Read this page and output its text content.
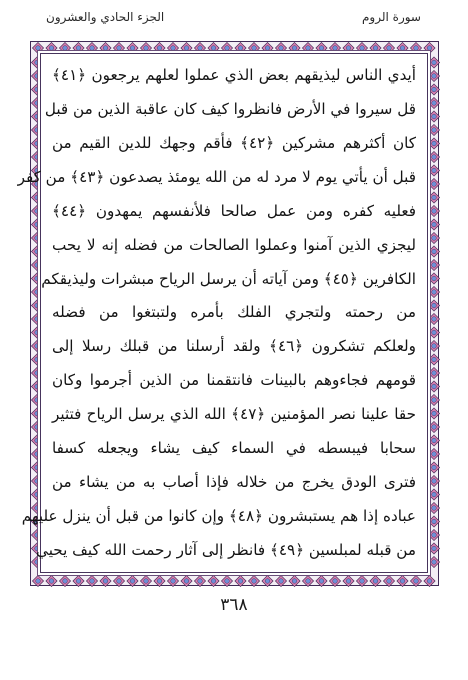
الجزء الحادي والعشرون	سورة الروم
أيدي الناس ليذيقهم بعض الذي عملوا لعلهم يرجعون ﴿٤١﴾
قل سيروا في الأرض فانظروا كيف كان عاقبة الذين من قبل
كان أكثرهم مشركين ﴿٤٢﴾ فأقم وجهك للدين القيم من
قبل أن يأتي يوم لا مرد له من الله يومئذ يصدعون ﴿٤٣﴾ من كفر
فعليه كفره ومن عمل صالحا فلأنفسهم يمهدون ﴿٤٤﴾
ليجزي الذين آمنوا وعملوا الصالحات من فضله إنه لا يحب
الكافرين ﴿٤٥﴾ ومن آياته أن يرسل الرياح مبشرات وليذيقكم
من رحمته ولتجري الفلك بأمره ولتبتغوا من فضله
ولعلكم تشكرون ﴿٤٦﴾ ولقد أرسلنا من قبلك رسلا إلى
قومهم فجاءوهم بالبينات فانتقمنا من الذين أجرموا وكان
حقا علينا نصر المؤمنين ﴿٤٧﴾ الله الذي يرسل الرياح فتثير
سحابا فيبسطه في السماء كيف يشاء ويجعله كسفا
فترى الودق يخرج من خلاله فإذا أصاب به من يشاء من
عباده إذا هم يستبشرون ﴿٤٨﴾ وإن كانوا من قبل أن ينزل عليهم
من قبله لمبلسين ﴿٤٩﴾ فانظر إلى آثار رحمت الله كيف يحيي
٣٦٨
